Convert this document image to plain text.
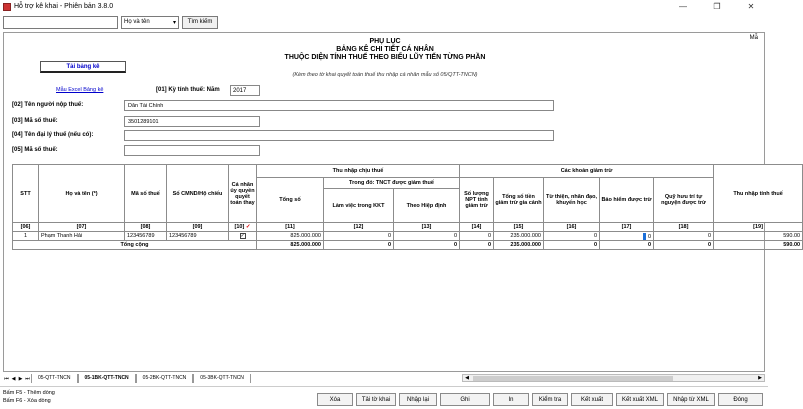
Hỗ trợ kê khai - Phiên bản 3.8.0	—	❐	✕
Họ và tên	▾	Tìm kiếm
Mẫ
Tải bảng kê
PHỤ LỤC
BẢNG KÊ CHI TIẾT CÁ NHÂN
THUỘC DIỆN TÍNH THUẾ THEO BIỂU LŨY TIẾN TỪNG PHẦN
(Kèm theo tờ khai quyết toán thuế thu nhập cá nhân mẫu số 05/QTT-TNCN)
Mẫu Excel Bảng kê	[01] Kỳ tính thuế: Năm	2017
[02] Tên người nộp thuế:	Dân Tài Chính
[03] Mã số thuế:	3501289101
[04] Tên đại lý thuế (nếu có):
[05] Mã số thuế:
STT	Họ và tên (*)	Mã số thuế	Số CMND/Hộ chiếu	Cá nhân ủy quyền quyết toán thay	Thu nhập chịu thuế			Các khoản giảm trừ					Thu nhập tính thuế
					Tổng số	Trong đó: TNCT được giảm thuế		Số lượng NPT tính giảm trừ	Tổng số tiền giảm trừ gia cảnh	Từ thiện, nhân đạo, khuyến học	Bảo hiểm được trừ	Quỹ hưu trí tự nguyện được trừ	
						Làm việc trong KKT	Theo Hiệp định						
[06]	[07]	[08]	[09]	[10] ✓	[11]	[12]	[13]	[14]	[15]	[16]	[17]	[18]	[19]
1	Phạm Thanh Hải	123456789	123456789	✓	825.000.000	0	0	0	235.000.000	0	0	0	590.00
Tổng cộng					825.000.000	0	0	0	235.000.000	0	0	0	590.00
⏮ ◀ ▶ ⏭	05-QTT-TNCN	05-1BK-QTT-TNCN	05-2BK-QTT-TNCN	05-3BK-QTT-TNCN	◀	▶
Bấm F5 - Thêm dòng
Bấm F6 - Xóa dòng	Xóa	Tải tờ khai	Nhập lại	Ghi	In	Kiểm tra	Kết xuất	Kết xuất XML	Nhập từ XML	Đóng
